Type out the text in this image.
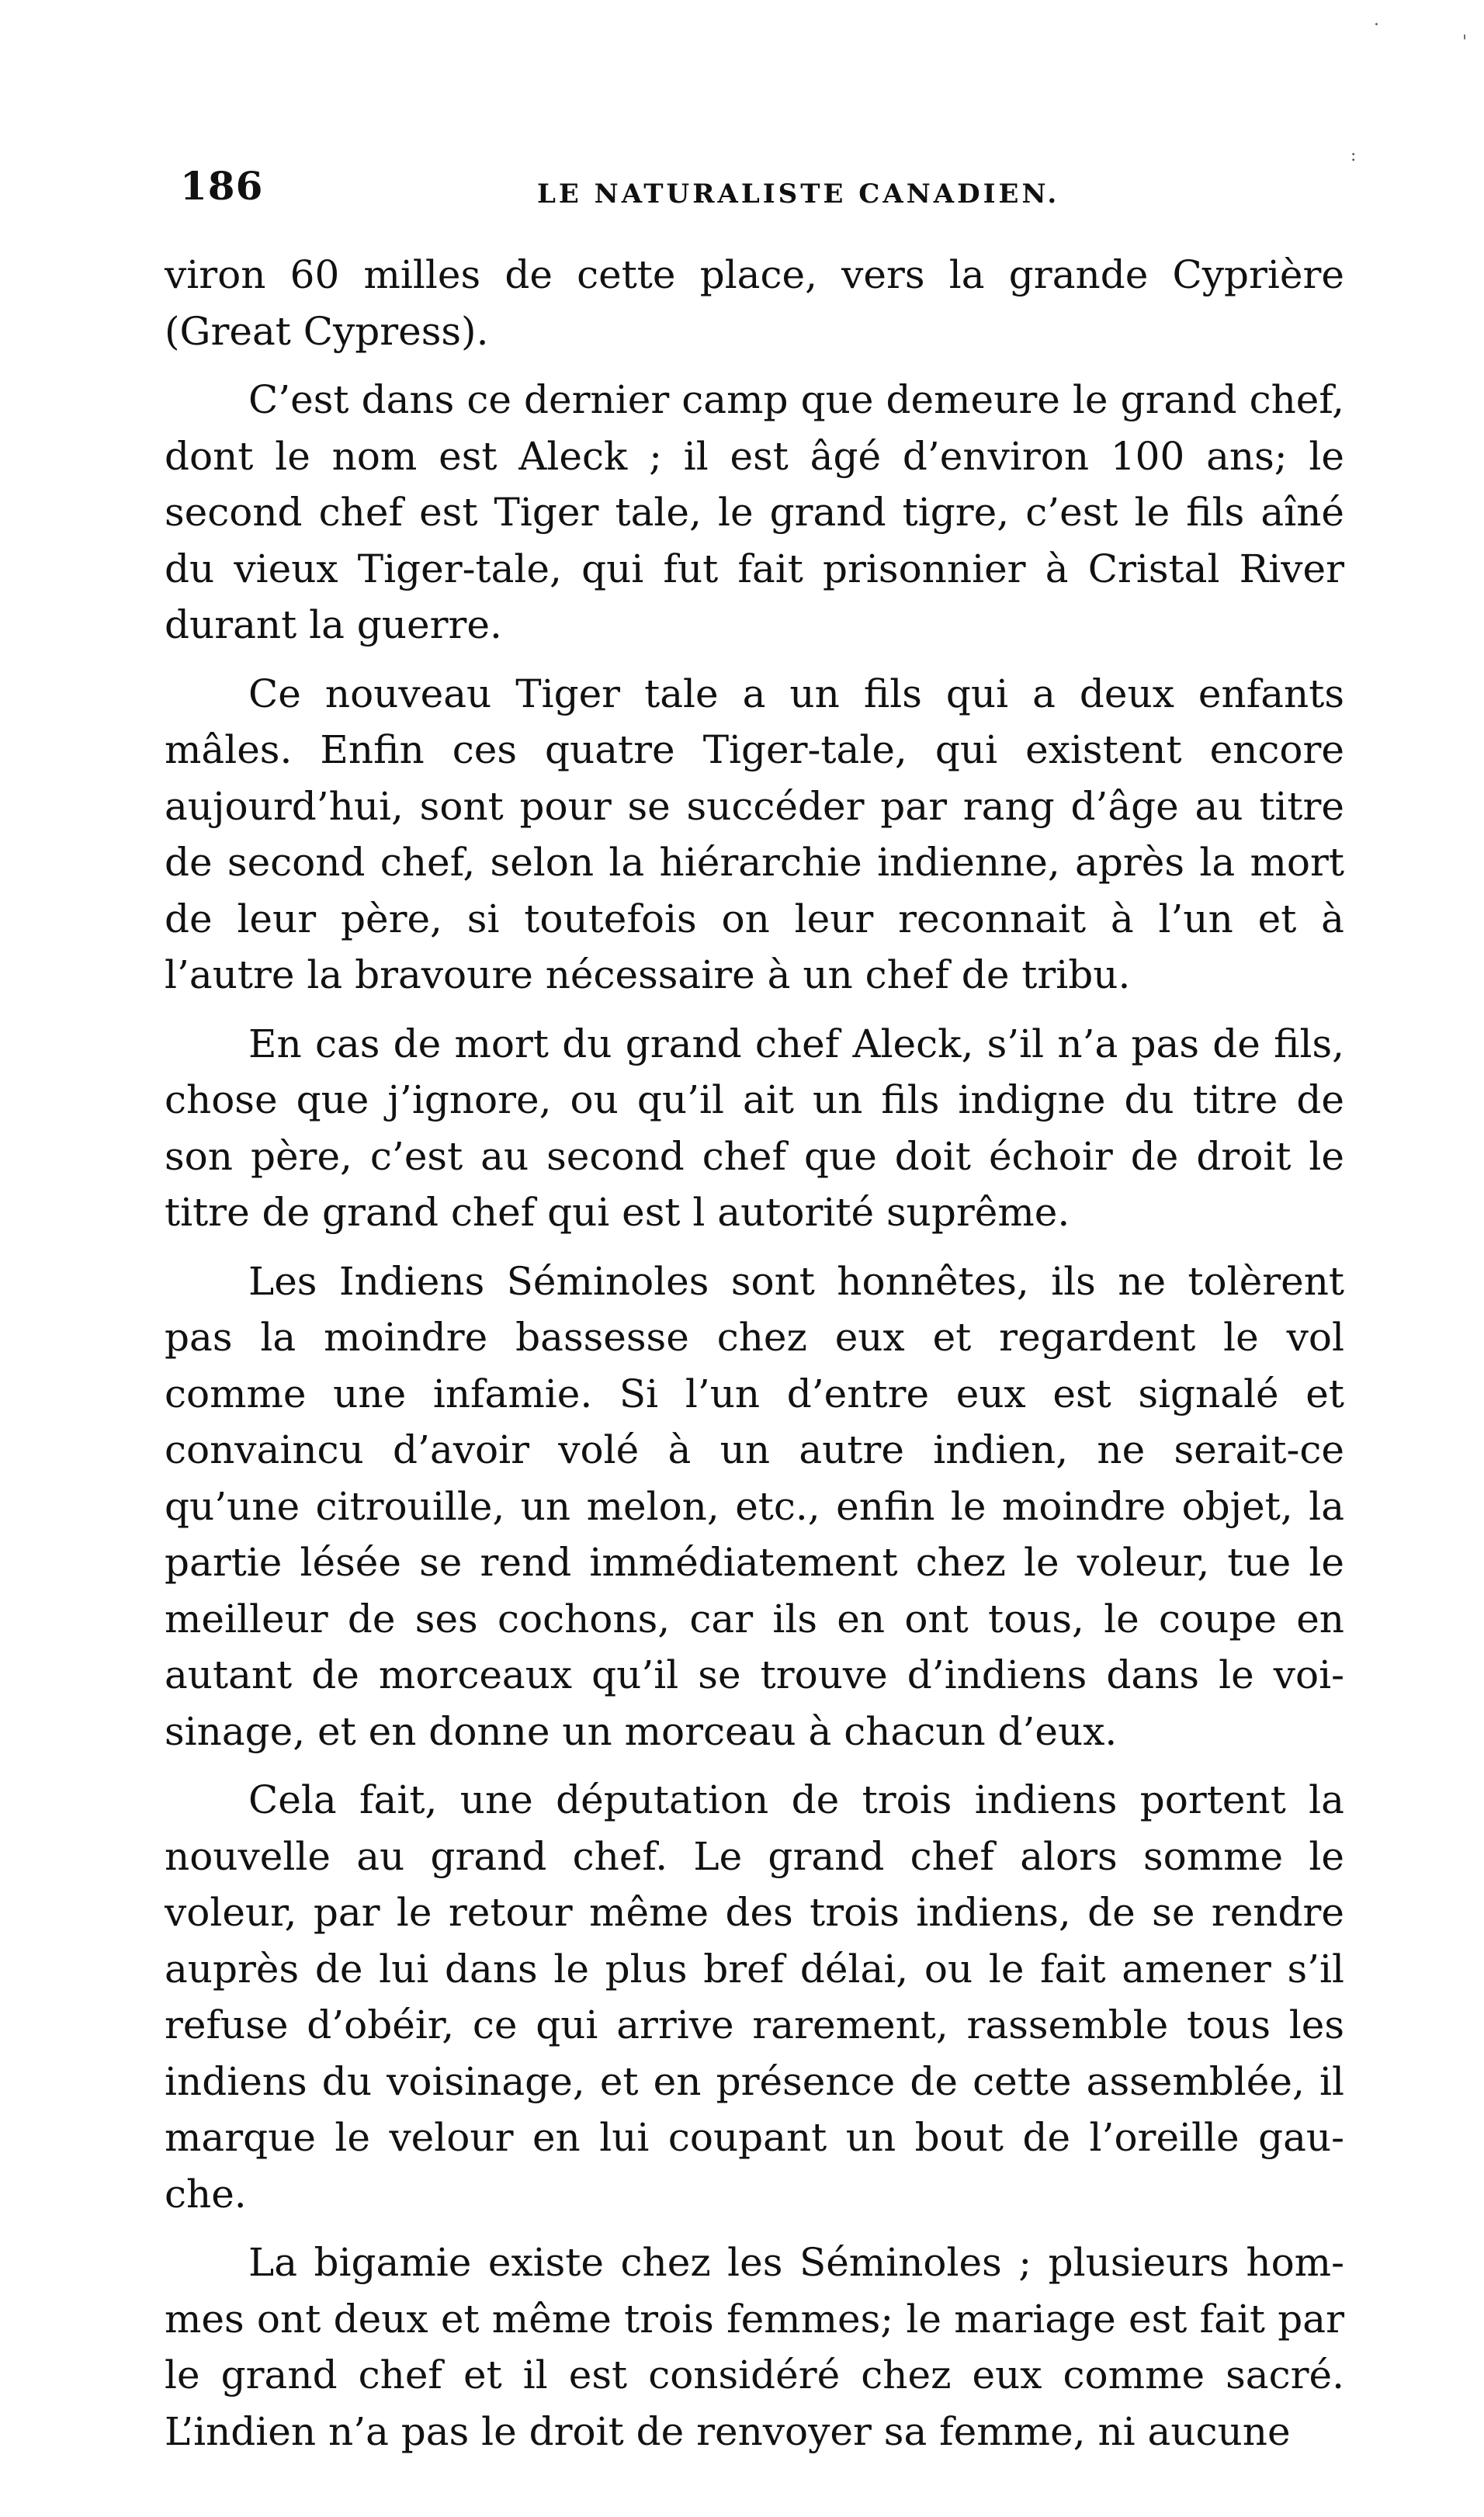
·
'
:
186	LE NATURALISTE CANADIEN.

viron 60 milles de cette place, vers la grande Cyprière (Great Cypress).

C’est dans ce dernier camp que demeure le grand chef, dont le nom est Aleck ; il est âgé d’environ 100 ans; le second chef est Tiger tale, le grand tigre, c’est le fils aîné du vieux Tiger-tale, qui fut fait prisonnier à Cristal River durant la guerre.

Ce nouveau Tiger tale a un fils qui a deux enfants mâles. Enfin ces quatre Tiger-tale, qui existent encore aujourd’hui, sont pour se succéder par rang d’âge au titre de second chef, selon la hiérarchie indienne, après la mort de leur père, si toutefois on leur reconnait à l’un et à l’autre la bravoure nécessaire à un chef de tribu.

En cas de mort du grand chef Aleck, s’il n’a pas de fils, chose que j’ignore, ou qu’il ait un fils indigne du titre de son père, c’est au second chef que doit échoir de droit le titre de grand chef qui est l autorité suprême.

Les Indiens Séminoles sont honnêtes, ils ne tolèrent pas la moindre bassesse chez eux et regardent le vol comme une infamie. Si l’un d’entre eux est signalé et convaincu d’avoir volé à un autre indien, ne serait-ce qu’une citrouille, un melon, etc., enfin le moindre objet, la partie lésée se rend immédiatement chez le voleur, tue le meilleur de ses cochons, car ils en ont tous, le coupe en autant de morceaux qu’il se trouve d’indiens dans le voisinage, et en donne un morceau à chacun d’eux.

Cela fait, une députation de trois indiens portent la nouvelle au grand chef. Le grand chef alors somme le voleur, par le retour même des trois indiens, de se rendre auprès de lui dans le plus bref délai, ou le fait amener s’il refuse d’obéir, ce qui arrive rarement, rassemble tous les indiens du voisinage, et en présence de cette assemblée, il marque le velour en lui coupant un bout de l’oreille gauche.

La bigamie existe chez les Séminoles ; plusieurs hommes ont deux et même trois femmes; le mariage est fait par le grand chef et il est considéré chez eux comme sacré. L’indien n’a pas le droit de renvoyer sa femme, ni aucune
